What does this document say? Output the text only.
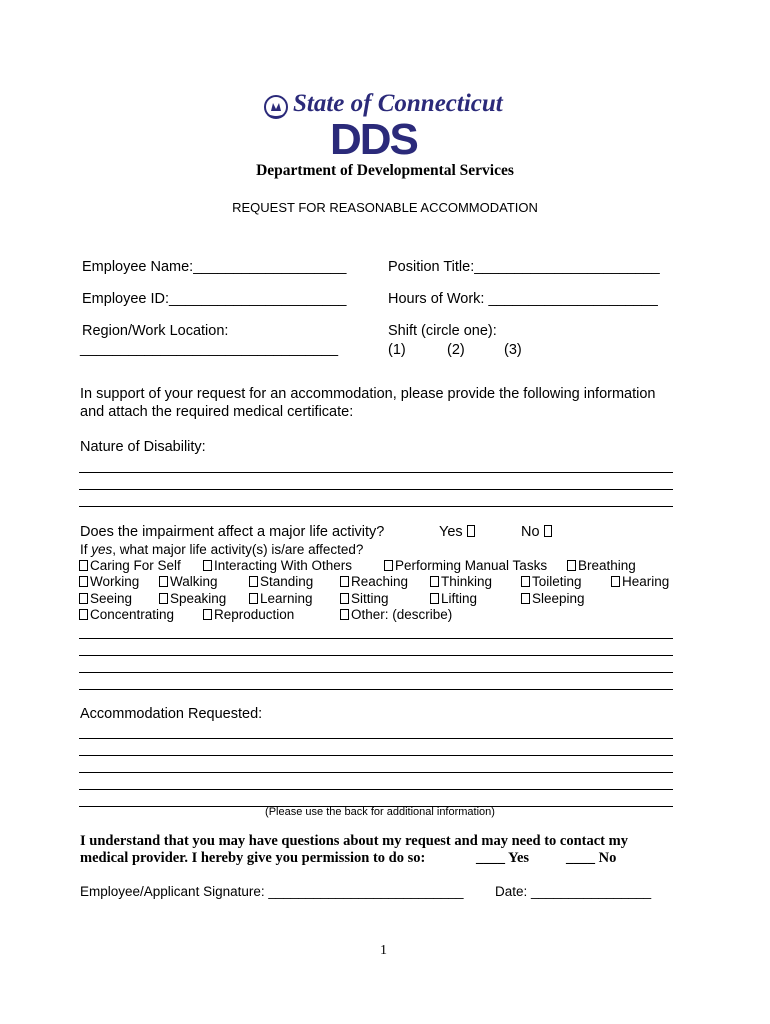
State of Connecticut
DDS
Department of Developmental Services
REQUEST FOR REASONABLE ACCOMMODATION
Employee Name:___________________	Position Title:_______________________
Employee ID:______________________	Hours of Work: _____________________
Region/Work Location:
________________________________
Shift (circle one):
(1)	(2)	(3)
In support of your request for an accommodation, please provide the following information
and attach the required medical certificate:
Nature of Disability:
Does the impairment affect a major life activity?	Yes	No
If yes, what major life activity(s) is/are affected?
Caring For Self	Interacting With Others	Performing Manual Tasks	Breathing
Working	Walking	Standing	Reaching	Thinking	Toileting	Hearing
Seeing	Speaking	Learning	Sitting	Lifting	Sleeping
Concentrating	Reproduction	Other: (describe)
Accommodation Requested:
(Please use the back for additional information)
I understand that you may have questions about my request and may need to contact my
medical provider. I hereby give you permission to do so:	____ Yes	____ No
Employee/Applicant Signature: __________________________ Date: ________________
1
